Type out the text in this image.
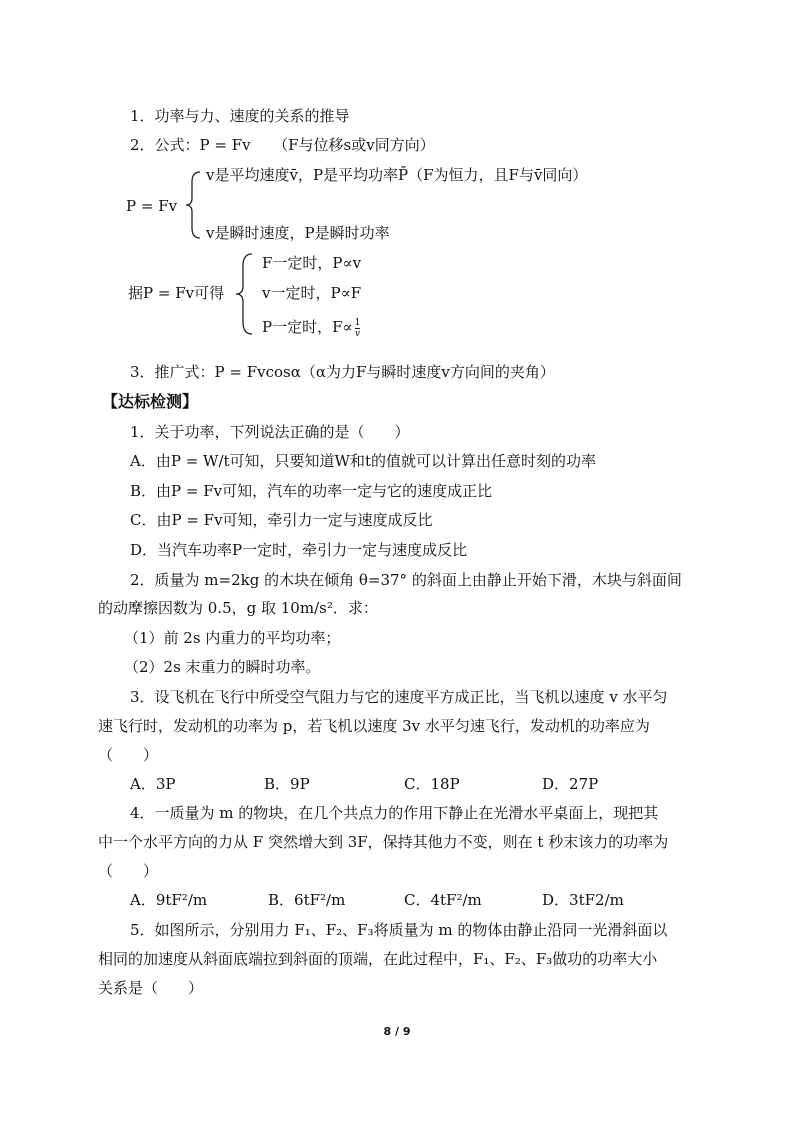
1．功率与力、速度的关系的推导
2．公式：P = Fv　　（F与位移s或v同方向）
P = Fv
v是平均速度v̄，P是平均功率P̄（F为恒力，且F与v̄同向）
v是瞬时速度，P是瞬时功率
据P = Fv可得
F一定时，P∝v
v一定时，P∝F
P一定时，$F\propto \frac{1}{v}$
3．推广式：P = Fvcosα（α为力F与瞬时速度v方向间的夹角）
【达标检测】
1．关于功率，下列说法正确的是（　　）
A．由P = W/t可知，只要知道W和t的值就可以计算出任意时刻的功率
B．由P = Fv可知，汽车的功率一定与它的速度成正比
C．由P = Fv可知，牵引力一定与速度成反比
D．当汽车功率P一定时，牵引力一定与速度成反比
2．质量为 m=2kg 的木块在倾角 θ=37° 的斜面上由静止开始下滑，木块与斜面间
的动摩擦因数为 0.5，g 取 10m/s²．求：
（1）前 2s 内重力的平均功率；
（2）2s 末重力的瞬时功率。
3．设飞机在飞行中所受空气阻力与它的速度平方成正比，当飞机以速度 v 水平匀
速飞行时，发动机的功率为 p，若飞机以速度 3v 水平匀速飞行，发动机的功率应为
（　　）
A．3P	B．9P	C．18P	D．27P
4．一质量为 m 的物块，在几个共点力的作用下静止在光滑水平桌面上，现把其
中一个水平方向的力从 F 突然增大到 3F，保持其他力不变，则在 t 秒末该力的功率为
（　　）
A．9tF²/m	B．6tF²/m	C．4tF²/m	D．3tF2/m
5．如图所示，分别用力 F₁、F₂、F₃将质量为 m 的物体由静止沿同一光滑斜面以
相同的加速度从斜面底端拉到斜面的顶端，在此过程中，F₁、F₂、F₃做功的功率大小
关系是（　　）
8 / 9
